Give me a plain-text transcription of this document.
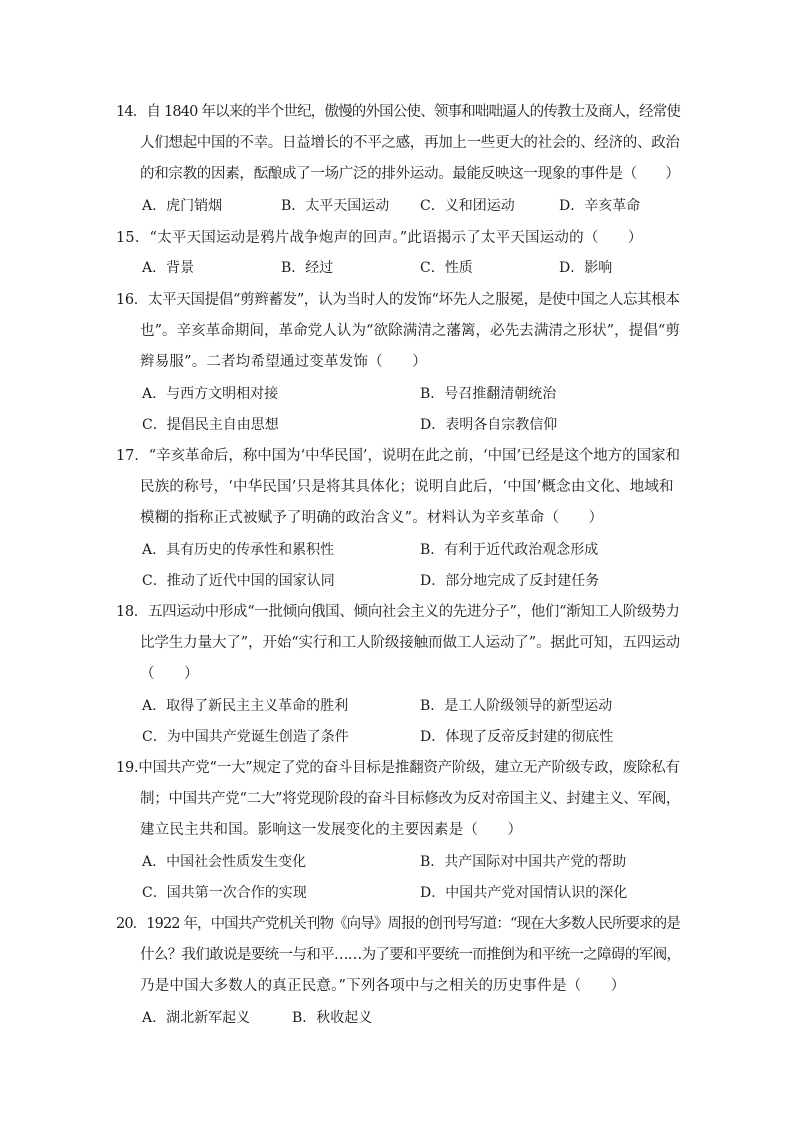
14．自 1840 年以来的半个世纪，傲慢的外国公使、领事和咄咄逼人的传教士及商人，经常使
人们想起中国的不幸。日益增长的不平之感，再加上一些更大的社会的、经济的、政治
的和宗教的因素，酝酿成了一场广泛的排外运动。最能反映这一现象的事件是（　　）
A．虎门销烟	B．太平天国运动 C．义和团运动	D．辛亥革命
15．“太平天国运动是鸦片战争炮声的回声。”此语揭示了太平天国运动的（　　）
A．背景	B．经过	C．性质	D．影响
16．太平天国提倡“剪辫蓄发”，认为当时人的发饰“坏先人之服冕，是使中国之人忘其根本
也”。辛亥革命期间，革命党人认为“欲除满清之藩篱，必先去满清之形状”，提倡“剪
辫易服”。二者均希望通过变革发饰（　　）
A．与西方文明相对接	B．号召推翻清朝统治
C．提倡民主自由思想	D．表明各自宗教信仰
17．“辛亥革命后，称中国为‘中华民国’，说明在此之前，‘中国’已经是这个地方的国家和
民族的称号，‘中华民国’只是将其具体化；说明自此后，‘中国’概念由文化、地域和
模糊的指称正式被赋予了明确的政治含义”。材料认为辛亥革命（　　）
A．具有历史的传承性和累积性	B．有利于近代政治观念形成
C．推动了近代中国的国家认同	D．部分地完成了反封建任务
18．五四运动中形成“一批倾向俄国、倾向社会主义的先进分子”，他们“渐知工人阶级势力
比学生力量大了”，开始“实行和工人阶级接触而做工人运动了”。据此可知，五四运动
（　　）
A．取得了新民主主义革命的胜利	B．是工人阶级领导的新型运动
C．为中国共产党诞生创造了条件	D．体现了反帝反封建的彻底性
19.中国共产党“一大”规定了党的奋斗目标是推翻资产阶级，建立无产阶级专政，废除私有
制；中国共产党“二大”将党现阶段的奋斗目标修改为反对帝国主义、封建主义、军阀，
建立民主共和国。影响这一发展变化的主要因素是（　　）
A．中国社会性质发生变化	B．共产国际对中国共产党的帮助
C．国共第一次合作的实现	D．中国共产党对国情认识的深化
20．1922 年，中国共产党机关刊物《向导》周报的创刊号写道：“现在大多数人民所要求的是
什么？我们敢说是要统一与和平……为了要和平要统一而推倒为和平统一之障碍的军阀，
乃是中国大多数人的真正民意。”下列各项中与之相关的历史事件是（　　）
A．湖北新军起义	B．秋收起义
